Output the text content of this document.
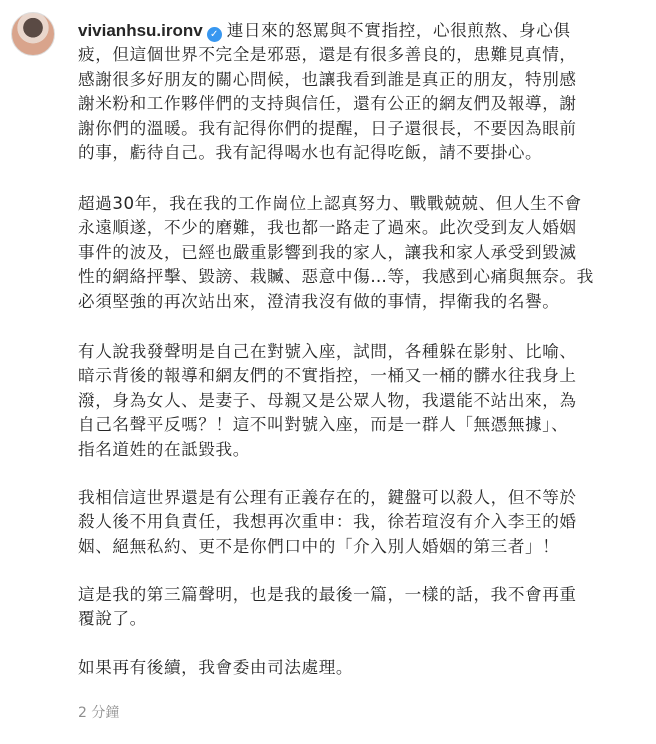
vivianhsu.ironv ✓ 連日來的怒罵與不實指控，心很煎熬、身心俱
疲，但這個世界不完全是邪惡，還是有很多善良的，患難見真情，
感謝很多好朋友的關心問候，也讓我看到誰是真正的朋友，特別感
謝米粉和工作夥伴們的支持與信任，還有公正的網友們及報導，謝
謝你們的溫暖。我有記得你們的提醒，日子還很長，不要因為眼前
的事，虧待自己。我有記得喝水也有記得吃飯，請不要掛心。
超過30年，我在我的工作崗位上認真努力、戰戰兢兢、但人生不會
永遠順遂，不少的磨難，我也都一路走了過來。此次受到友人婚姻
事件的波及，已經也嚴重影響到我的家人，讓我和家人承受到毀滅
性的網絡抨擊、毀謗、栽贓、惡意中傷…等，我感到心痛與無奈。我
必須堅強的再次站出來，澄清我沒有做的事情，捍衛我的名譽。
有人說我發聲明是自己在對號入座，試問，各種躲在影射、比喻、
暗示背後的報導和網友們的不實指控，一桶又一桶的髒水往我身上
潑，身為女人、是妻子、母親又是公眾人物，我還能不站出來，為
自己名聲平反嗎？！這不叫對號入座，而是一群人「無憑無據」、
指名道姓的在詆毀我。
我相信這世界還是有公理有正義存在的，鍵盤可以殺人，但不等於
殺人後不用負責任，我想再次重申：我，徐若瑄沒有介入李王的婚
姻、絕無私約、更不是你們口中的「介入別人婚姻的第三者」！
這是我的第三篇聲明，也是我的最後一篇，一樣的話，我不會再重
覆說了。
如果再有後續，我會委由司法處理。
2 分鐘
